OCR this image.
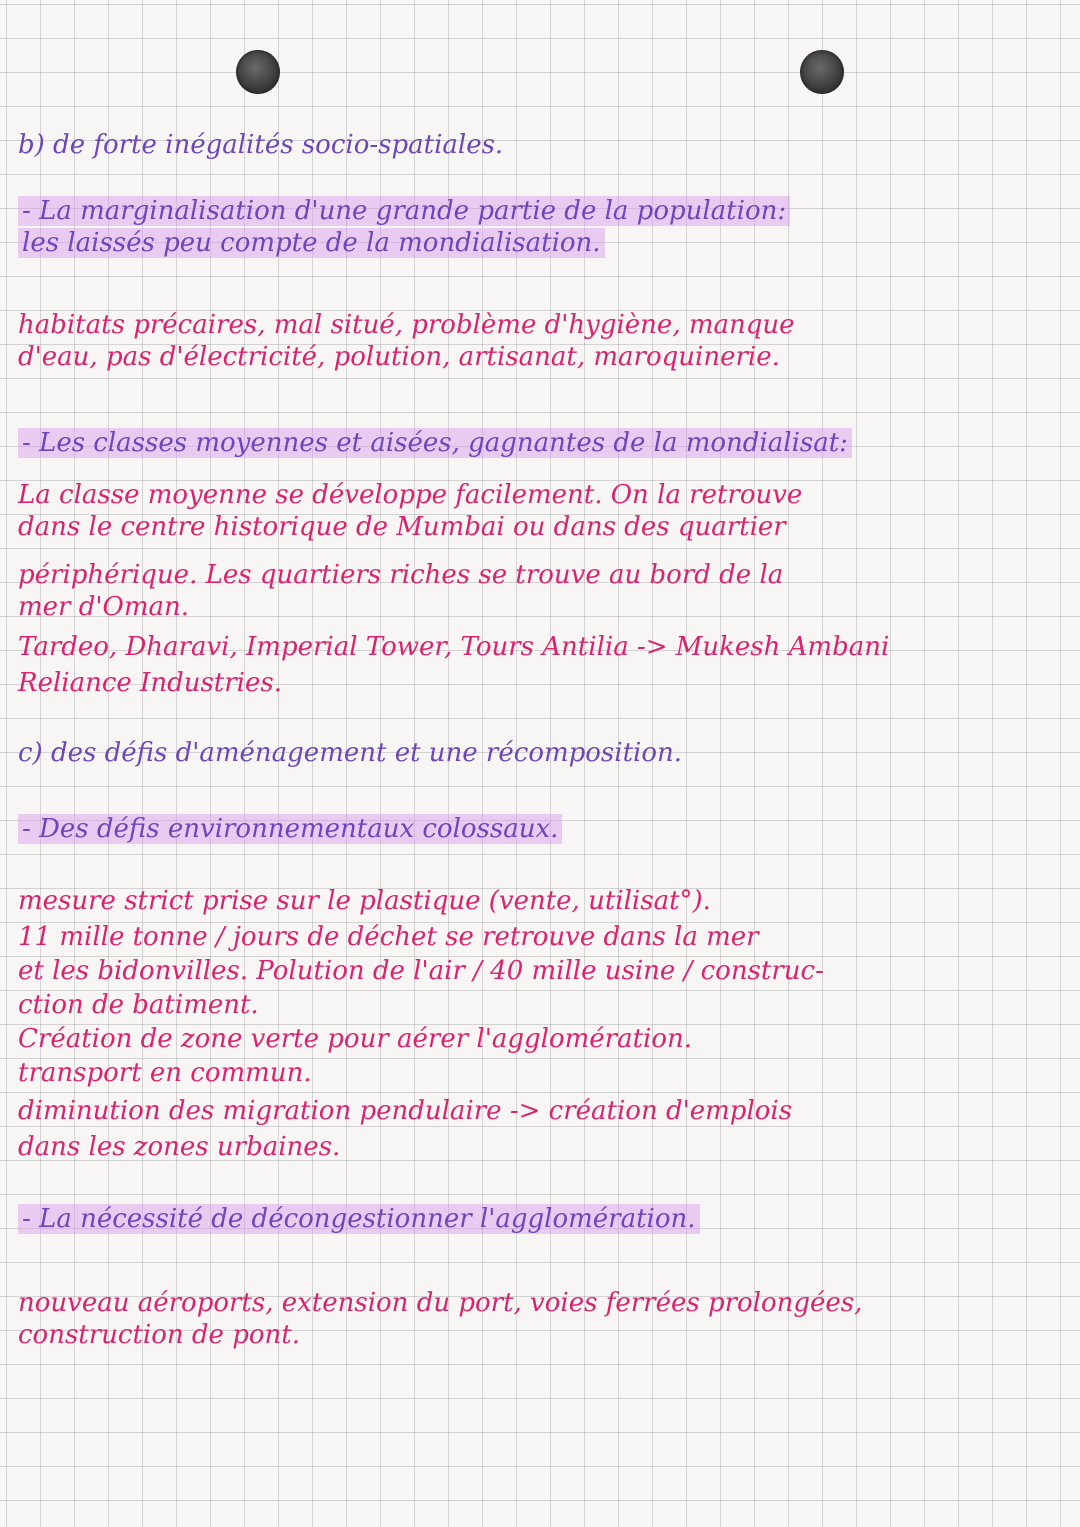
b) de forte inégalités socio-spatiales.
- La marginalisation d'une grande partie de la population:
les laissés peu compte de la mondialisation.
habitats précaires, mal situé, problème d'hygiène, manque
d'eau, pas d'électricité, polution, artisanat, maroquinerie.
- Les classes moyennes et aisées, gagnantes de la mondialisat:
La classe moyenne se développe facilement. On la retrouve
dans le centre historique de Mumbai ou dans des quartier
périphérique. Les quartiers riches se trouve au bord de la
mer d'Oman.
Tardeo, Dharavi, Imperial Tower, Tours Antilia -> Mukesh Ambani
Reliance Industries.
c) des défis d'aménagement et une récomposition.
- Des défis environnementaux colossaux.
mesure strict prise sur le plastique (vente, utilisat°).
11 mille tonne / jours de déchet se retrouve dans la mer
et les bidonvilles. Polution de l'air / 40 mille usine / construc-
ction de batiment.
Création de zone verte pour aérer l'agglomération.
transport en commun.
diminution des migration pendulaire -> création d'emplois
dans les zones urbaines.
- La nécessité de décongestionner l'agglomération.
nouveau aéroports, extension du port, voies ferrées prolongées,
construction de pont.
